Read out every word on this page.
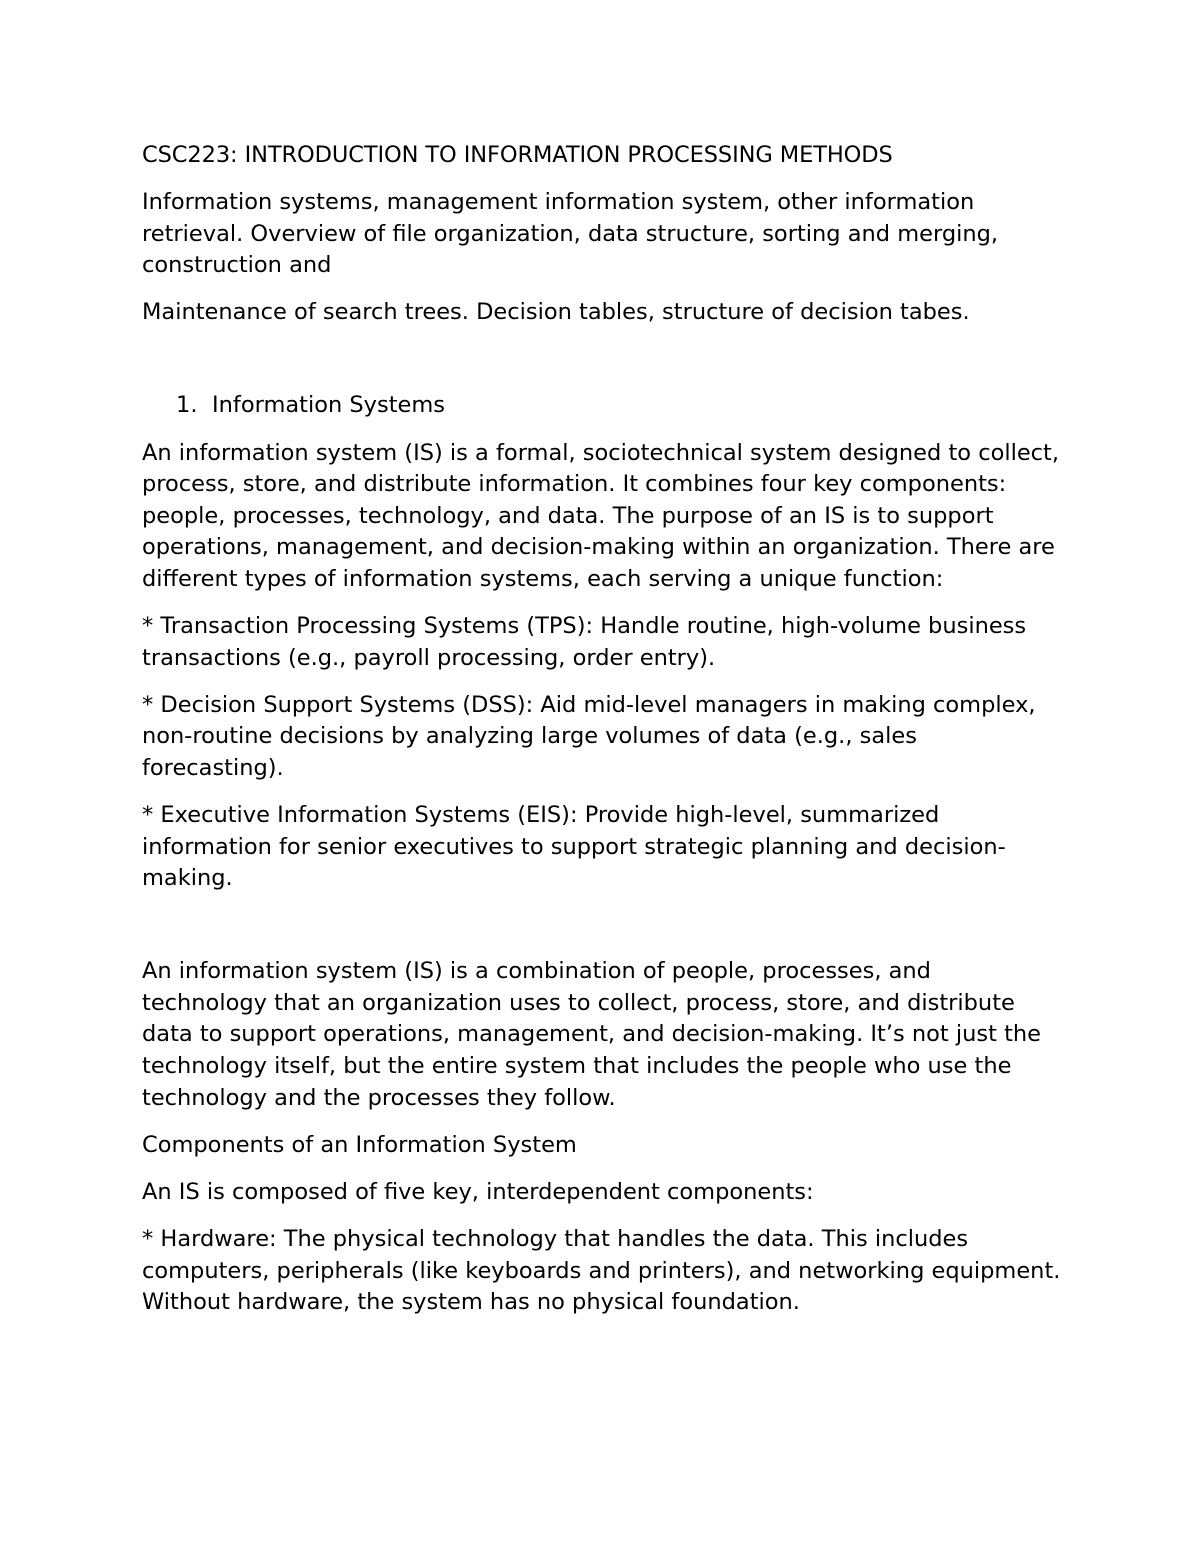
CSC223: INTRODUCTION TO INFORMATION PROCESSING METHODS

Information systems, management information system, other information retrieval. Overview of file organization, data structure, sorting and merging, construction and

Maintenance of search trees. Decision tables, structure of decision tabes.

1. Information Systems

An information system (IS) is a formal, sociotechnical system designed to collect, process, store, and distribute information. It combines four key components: people, processes, technology, and data. The purpose of an IS is to support operations, management, and decision-making within an organization. There are different types of information systems, each serving a unique function:

* Transaction Processing Systems (TPS): Handle routine, high-volume business transactions (e.g., payroll processing, order entry).

* Decision Support Systems (DSS): Aid mid-level managers in making complex, non-routine decisions by analyzing large volumes of data (e.g., sales forecasting).

* Executive Information Systems (EIS): Provide high-level, summarized information for senior executives to support strategic planning and decision-making.

An information system (IS) is a combination of people, processes, and technology that an organization uses to collect, process, store, and distribute data to support operations, management, and decision-making. It’s not just the technology itself, but the entire system that includes the people who use the technology and the processes they follow.

Components of an Information System

An IS is composed of five key, interdependent components:

* Hardware: The physical technology that handles the data. This includes computers, peripherals (like keyboards and printers), and networking equipment. Without hardware, the system has no physical foundation.
